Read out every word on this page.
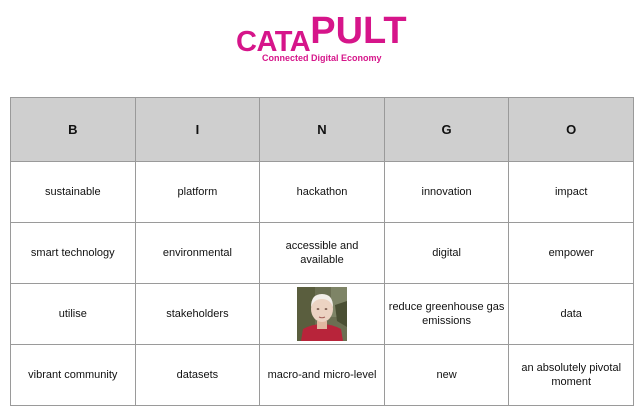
CATAPULT
Connected Digital Economy
B	I	N	G	O
sustainable	platform	hackathon	innovation	impact
smart technology	environmental	accessible and available	digital	empower
utilise	stakeholders		reduce greenhouse gas emissions	data
vibrant community	datasets	macro-and micro-level	new	an absolutely pivotal moment
